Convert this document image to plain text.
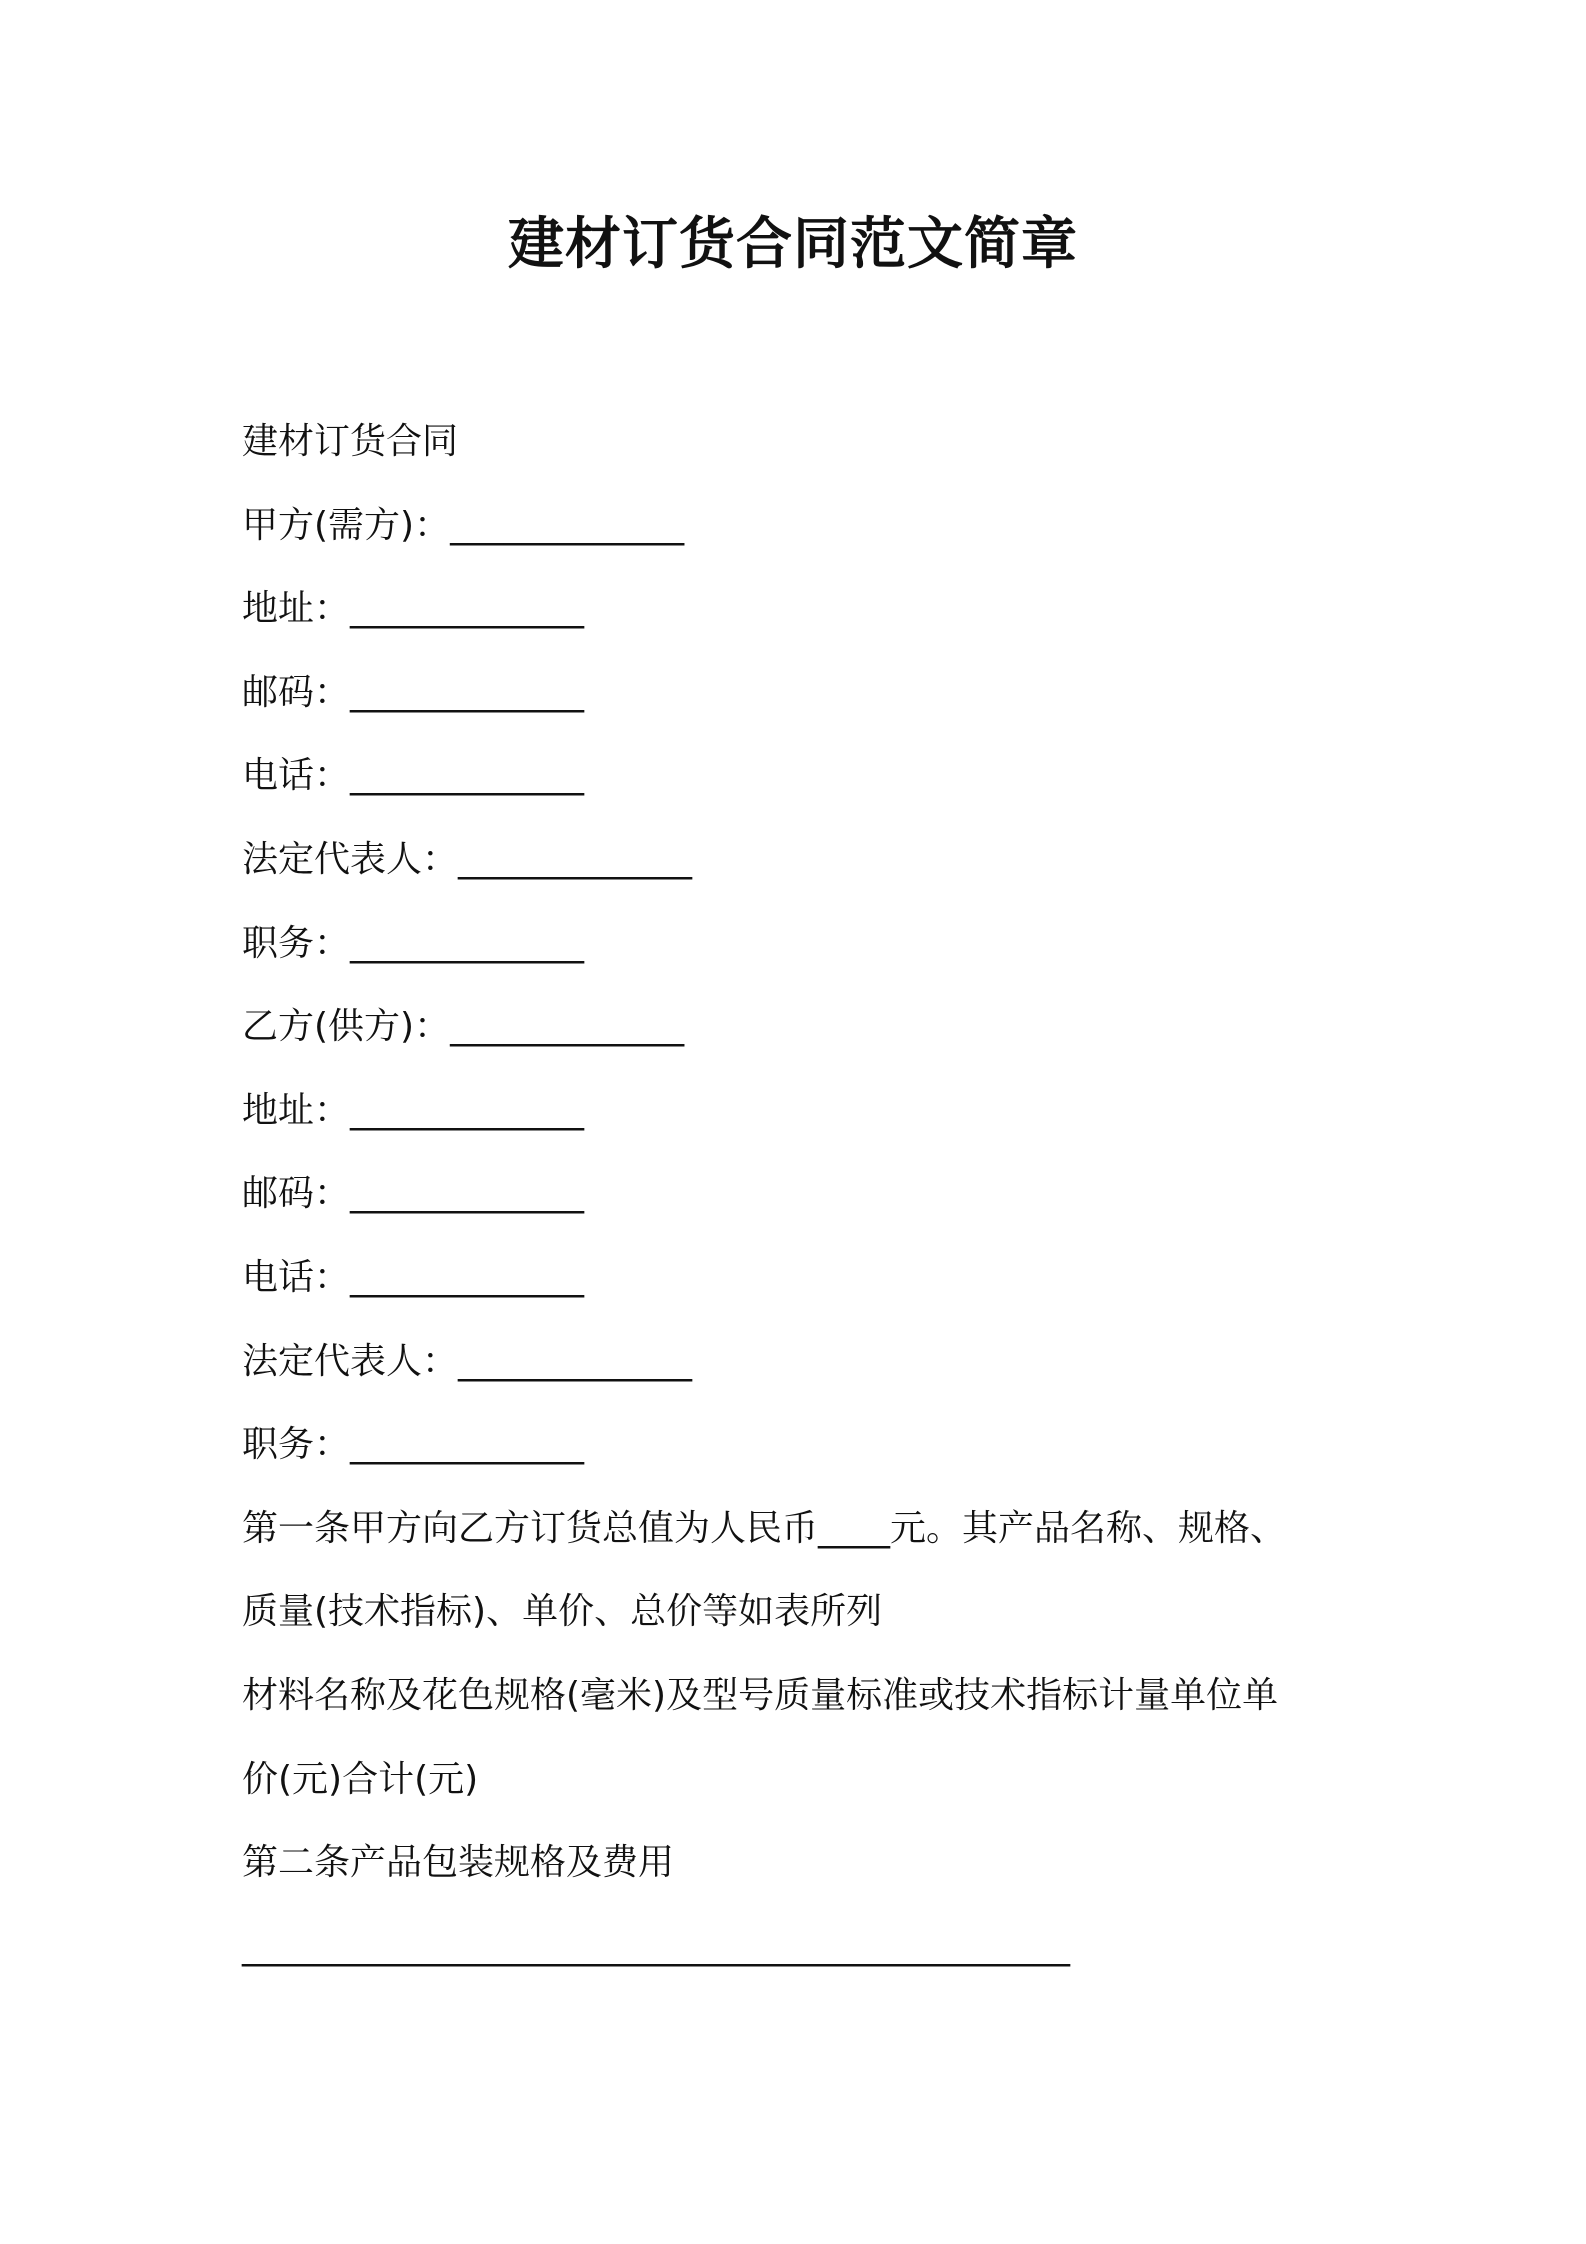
建材订货合同范文简章
建材订货合同
甲方(需方)：_____________
地址：_____________
邮码：_____________
电话：_____________
法定代表人：_____________
职务：_____________
乙方(供方)：_____________
地址：_____________
邮码：_____________
电话：_____________
法定代表人：_____________
职务：_____________
第一条甲方向乙方订货总值为人民币____元。其产品名称、规格、
质量(技术指标)、单价、总价等如表所列
材料名称及花色规格(毫米)及型号质量标准或技术指标计量单位单
价(元)合计(元)
第二条产品包装规格及费用
______________________________________________
